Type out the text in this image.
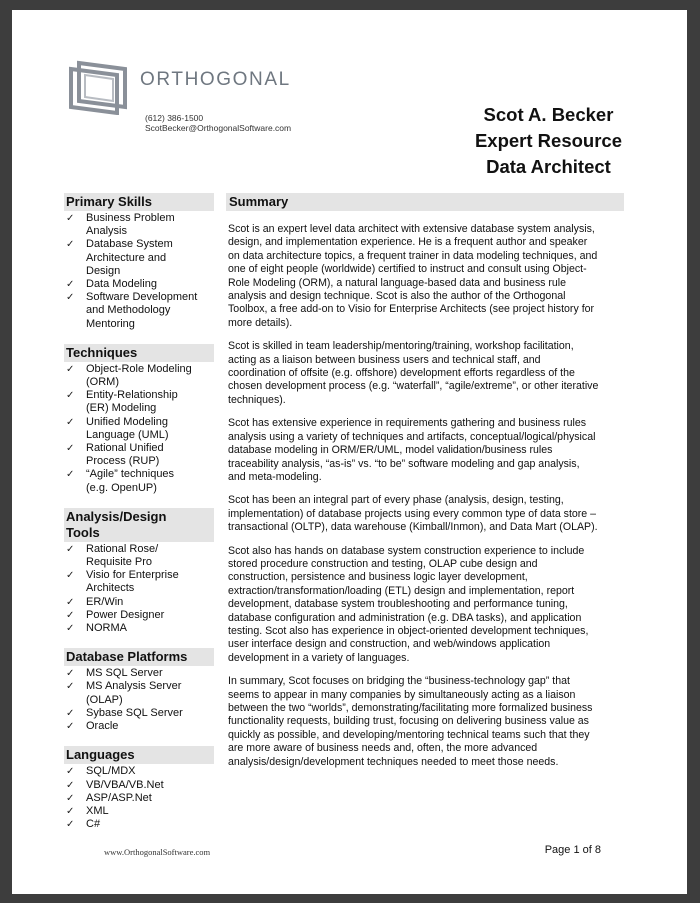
ORTHOGONAL
(612) 386-1500
ScotBecker@OrthogonalSoftware.com
Scot A. Becker
Expert Resource
Data Architect
Primary Skills
✓ Business Problem
Analysis
✓ Database System
Architecture and
Design
✓ Data Modeling
✓ Software Development
and Methodology
Mentoring
Techniques
✓ Object-Role Modeling
(ORM)
✓ Entity-Relationship
(ER) Modeling
✓ Unified Modeling
Language (UML)
✓ Rational Unified
Process (RUP)
✓ “Agile” techniques
(e.g. OpenUP)
Analysis/Design
Tools
✓ Rational Rose/
Requisite Pro
✓ Visio for Enterprise
Architects
✓ ER/Win
✓ Power Designer
✓ NORMA
Database Platforms
✓ MS SQL Server
✓ MS Analysis Server
(OLAP)
✓ Sybase SQL Server
✓ Oracle
Languages
✓ SQL/MDX
✓ VB/VBA/VB.Net
✓ ASP/ASP.Net
✓ XML
✓ C#
Summary

Scot is an expert level data architect with extensive database system analysis,
design, and implementation experience. He is a frequent author and speaker
on data architecture topics, a frequent trainer in data modeling techniques, and
one of eight people (worldwide) certified to instruct and consult using Object-
Role Modeling (ORM), a natural language-based data and business rule
analysis and design technique. Scot is also the author of the Orthogonal
Toolbox, a free add-on to Visio for Enterprise Architects (see project history for
more details).

Scot is skilled in team leadership/mentoring/training, workshop facilitation,
acting as a liaison between business users and technical staff, and
coordination of offsite (e.g. offshore) development efforts regardless of the
chosen development process (e.g. “waterfall”, “agile/extreme”, or other iterative
techniques).

Scot has extensive experience in requirements gathering and business rules
analysis using a variety of techniques and artifacts, conceptual/logical/physical
database modeling in ORM/ER/UML, model validation/business rules
traceability analysis, “as-is” vs. “to be” software modeling and gap analysis,
and meta-modeling.

Scot has been an integral part of every phase (analysis, design, testing,
implementation) of database projects using every common type of data store –
transactional (OLTP), data warehouse (Kimball/Inmon), and Data Mart (OLAP).

Scot also has hands on database system construction experience to include
stored procedure construction and testing, OLAP cube design and
construction, persistence and business logic layer development,
extraction/transformation/loading (ETL) design and implementation, report
development, database system troubleshooting and performance tuning,
database configuration and administration (e.g. DBA tasks), and application
testing. Scot also has experience in object-oriented development techniques,
user interface design and construction, and web/windows application
development in a variety of languages.

In summary, Scot focuses on bridging the “business-technology gap” that
seems to appear in many companies by simultaneously acting as a liaison
between the two “worlds”, demonstrating/facilitating more formalized business
functionality requests, building trust, focusing on delivering business value as
quickly as possible, and developing/mentoring technical teams such that they
are more aware of business needs and, often, the more advanced
analysis/design/development techniques needed to meet those needs.

www.OrthogonalSoftware.com	Page 1 of 8
